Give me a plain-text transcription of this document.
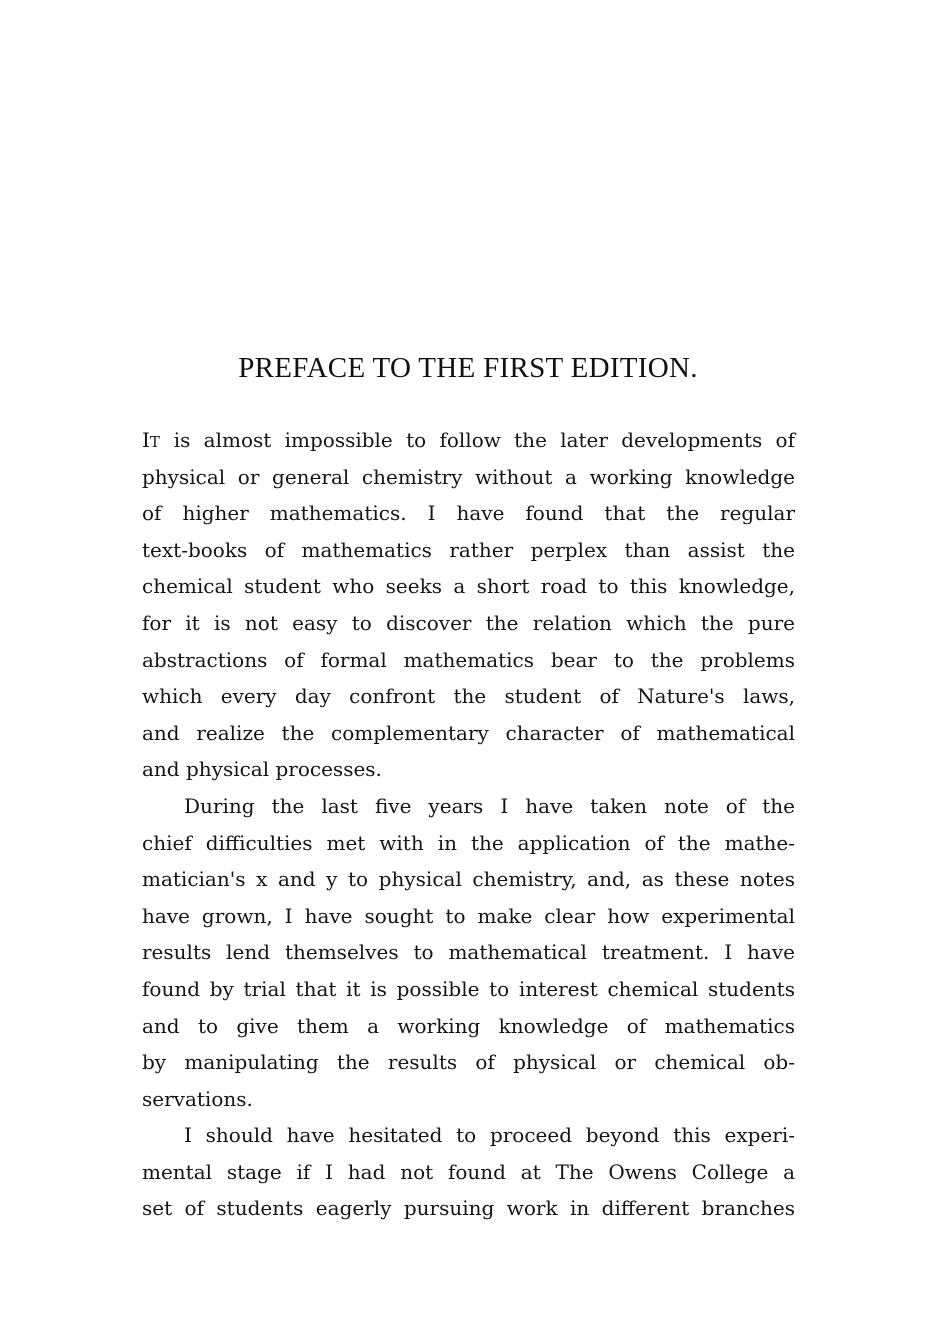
PREFACE TO THE FIRST EDITION.
IT is almost impossible to follow the later developments of
physical or general chemistry without a working knowledge
of higher mathematics. I have found that the regular
text-books of mathematics rather perplex than assist the
chemical student who seeks a short road to this knowledge,
for it is not easy to discover the relation which the pure
abstractions of formal mathematics bear to the problems
which every day confront the student of Nature's laws,
and realize the complementary character of mathematical
and physical processes.
During the last five years I have taken note of the
chief difficulties met with in the application of the mathe-
matician's x and y to physical chemistry, and, as these notes
have grown, I have sought to make clear how experimental
results lend themselves to mathematical treatment. I have
found by trial that it is possible to interest chemical students
and to give them a working knowledge of mathematics
by manipulating the results of physical or chemical ob-
servations.
I should have hesitated to proceed beyond this experi-
mental stage if I had not found at The Owens College a
set of students eagerly pursuing work in different branches
